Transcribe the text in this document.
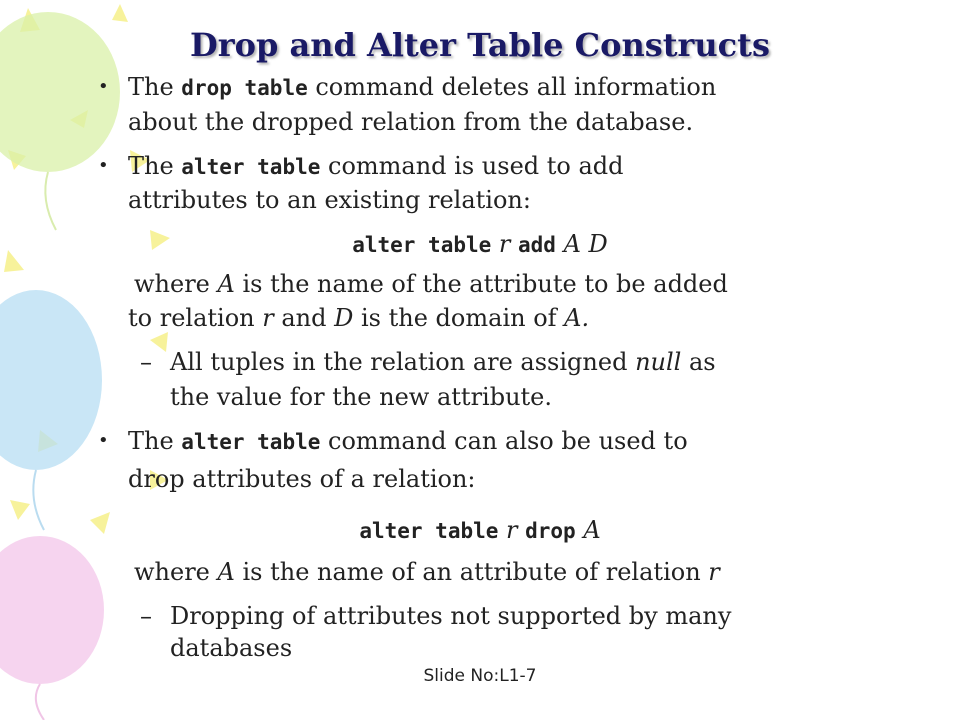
Drop and Alter Table Constructs
• The drop table command deletes all information

about the dropped relation from the database.

• The alter table command is used to add

attributes to an existing relation:

alter table r add A D

where A is the name of the attribute to be added

to relation r and D is the domain of A.

– All tuples in the relation are assigned null as

the value for the new attribute.

• The alter table command can also be used to

drop attributes of a relation:

alter table r drop A

where A is the name of an attribute of relation r

– Dropping of attributes not supported by many

databases

Slide No:L1-7
